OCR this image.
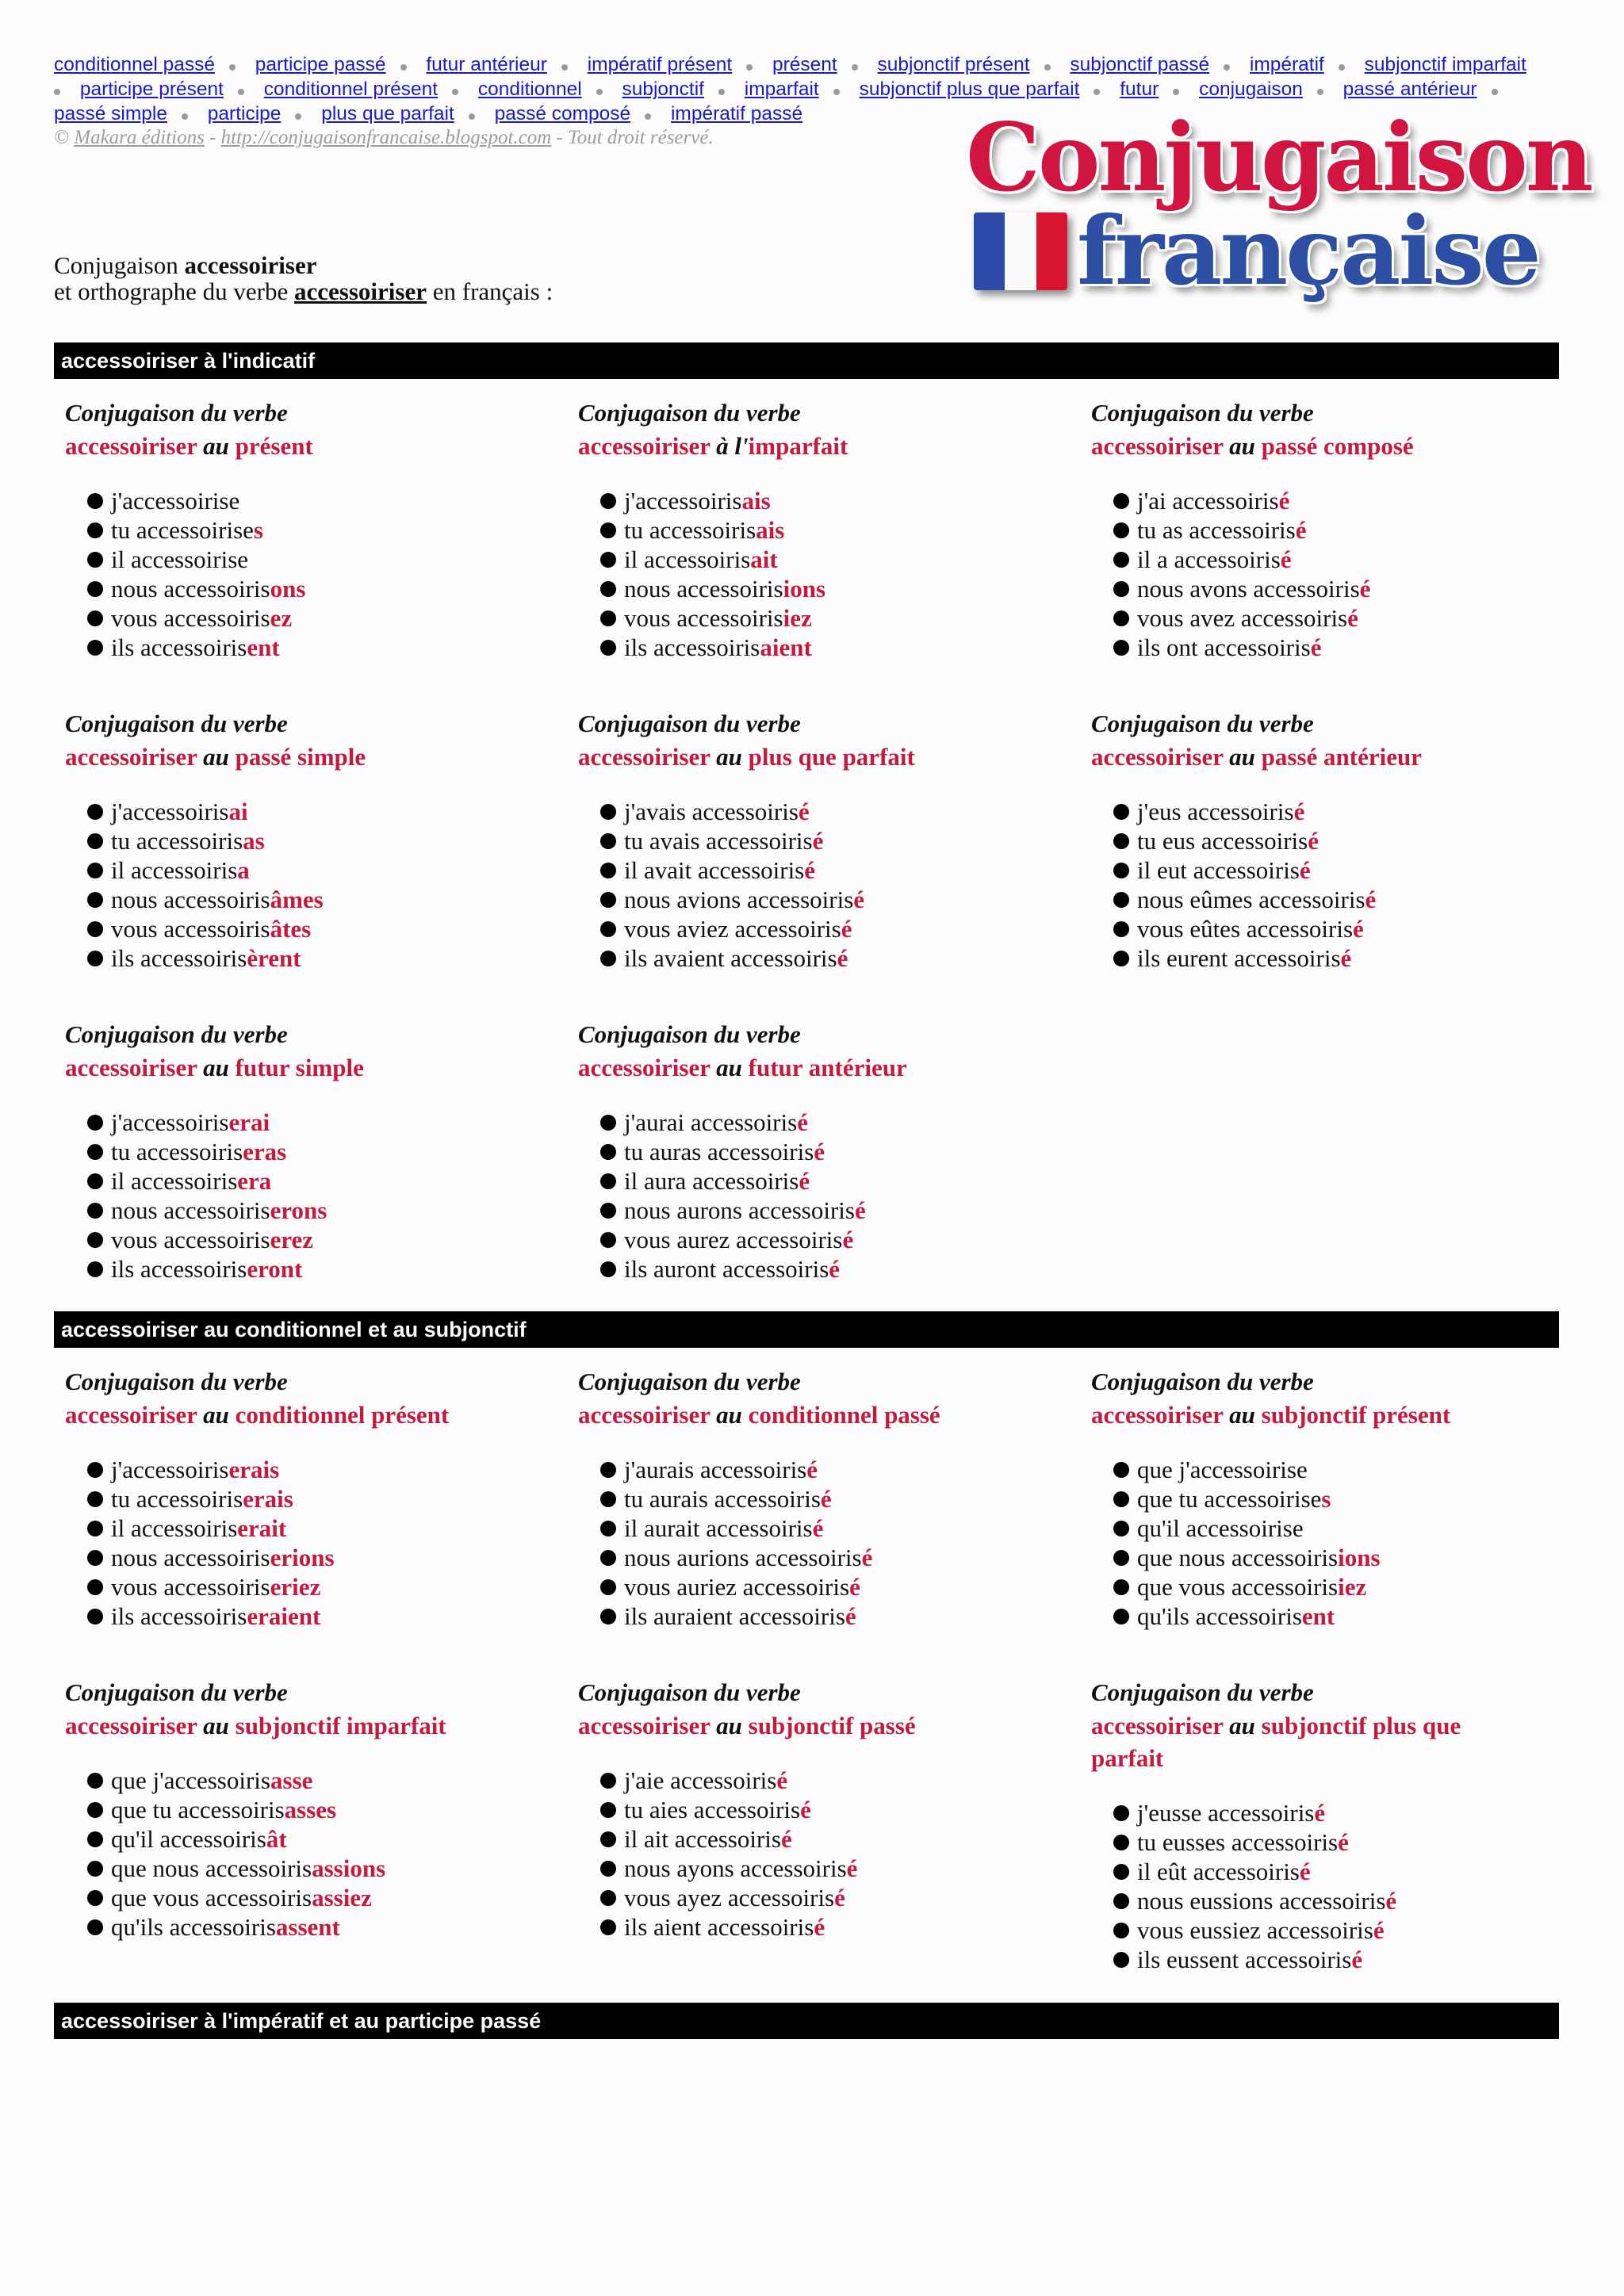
conditionnel passé participe passé futur antérieur impératif présent présent subjonctif présent subjonctif passé impératif subjonctif imparfait
participe présent conditionnel présent conditionnel subjonctif imparfait subjonctif plus que parfait futur conjugaison passé antérieur
passé simple participe plus que parfait passé composé impératif passé
© Makara éditions - http://conjugaisonfrancaise.blogspot.com - Tout droit réservé.	Conjugaison
française
Conjugaison accessoiriser
et orthographe du verbe accessoiriser en français :
accessoiriser à l'indicatif
accessoiriser au conditionnel et au subjonctif
accessoiriser à l'impératif et au participe passé
Conjugaison du verbe
accessoiriser au présent
j'accessoirise
tu accessoirises
il accessoirise
nous accessoirisons
vous accessoirisez
ils accessoirisent
Conjugaison du verbe
accessoiriser à l'imparfait
j'accessoirisais
tu accessoirisais
il accessoirisait
nous accessoirisions
vous accessoirisiez
ils accessoirisaient
Conjugaison du verbe
accessoiriser au passé composé
j'ai accessoirisé
tu as accessoirisé
il a accessoirisé
nous avons accessoirisé
vous avez accessoirisé
ils ont accessoirisé
Conjugaison du verbe
accessoiriser au passé simple
j'accessoirisai
tu accessoirisas
il accessoirisa
nous accessoirisâmes
vous accessoirisâtes
ils accessoirisèrent
Conjugaison du verbe
accessoiriser au plus que parfait
j'avais accessoirisé
tu avais accessoirisé
il avait accessoirisé
nous avions accessoirisé
vous aviez accessoirisé
ils avaient accessoirisé
Conjugaison du verbe
accessoiriser au passé antérieur
j'eus accessoirisé
tu eus accessoirisé
il eut accessoirisé
nous eûmes accessoirisé
vous eûtes accessoirisé
ils eurent accessoirisé
Conjugaison du verbe
accessoiriser au futur simple
j'accessoiriserai
tu accessoiriseras
il accessoirisera
nous accessoiriserons
vous accessoiriserez
ils accessoiriseront
Conjugaison du verbe
accessoiriser au futur antérieur
j'aurai accessoirisé
tu auras accessoirisé
il aura accessoirisé
nous aurons accessoirisé
vous aurez accessoirisé
ils auront accessoirisé
Conjugaison du verbe
accessoiriser au conditionnel présent
j'accessoiriserais
tu accessoiriserais
il accessoiriserait
nous accessoiriserions
vous accessoiriseriez
ils accessoiriseraient
Conjugaison du verbe
accessoiriser au conditionnel passé
j'aurais accessoirisé
tu aurais accessoirisé
il aurait accessoirisé
nous aurions accessoirisé
vous auriez accessoirisé
ils auraient accessoirisé
Conjugaison du verbe
accessoiriser au subjonctif présent
que j'accessoirise
que tu accessoirises
qu'il accessoirise
que nous accessoirisions
que vous accessoirisiez
qu'ils accessoirisent
Conjugaison du verbe
accessoiriser au subjonctif imparfait
que j'accessoirisasse
que tu accessoirisasses
qu'il accessoirisât
que nous accessoirisassions
que vous accessoirisassiez
qu'ils accessoirisassent
Conjugaison du verbe
accessoiriser au subjonctif passé
j'aie accessoirisé
tu aies accessoirisé
il ait accessoirisé
nous ayons accessoirisé
vous ayez accessoirisé
ils aient accessoirisé
Conjugaison du verbe
accessoiriser au subjonctif plus que parfait
j'eusse accessoirisé
tu eusses accessoirisé
il eût accessoirisé
nous eussions accessoirisé
vous eussiez accessoirisé
ils eussent accessoirisé
